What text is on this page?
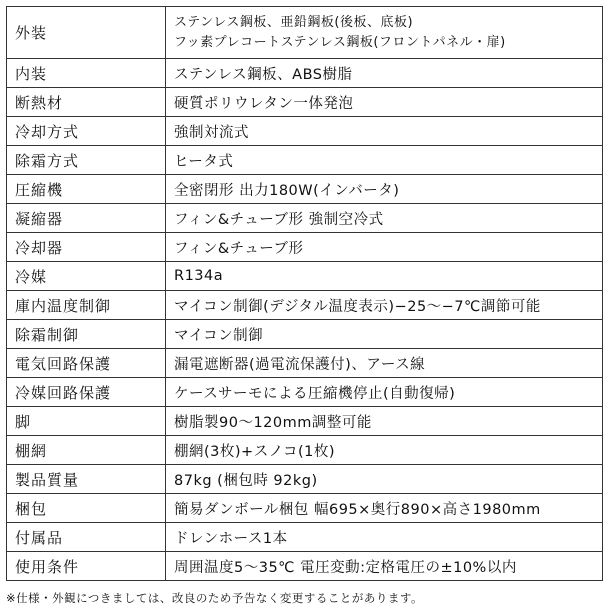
外装	ステンレス鋼板、亜鉛鋼板(後板、底板)
フッ素プレコートステンレス鋼板(フロントパネル・扉)

内装	ステンレス鋼板、ABS樹脂
断熱材	硬質ポリウレタン一体発泡
冷却方式	強制対流式
除霜方式	ヒータ式
圧縮機	全密閉形 出力180W(インバータ)
凝縮器	フィン&チューブ形 強制空冷式
冷却器	フィン&チューブ形
冷媒	R134a
庫内温度制御	マイコン制御(デジタル温度表示)−25〜−7℃調節可能
除霜制御	マイコン制御
電気回路保護	漏電遮断器(過電流保護付)、アース線
冷媒回路保護	ケースサーモによる圧縮機停止(自動復帰)
脚	樹脂製90〜120mm調整可能
棚網	棚網(3枚)+スノコ(1枚)
製品質量	87kg (梱包時 92kg)
梱包	簡易ダンボール梱包 幅695×奥行890×高さ1980mm
付属品	ドレンホース1本
使用条件	周囲温度5〜35℃ 電圧変動:定格電圧の±10%以内
※仕様・外観につきましては、改良のため予告なく変更することがあります。
